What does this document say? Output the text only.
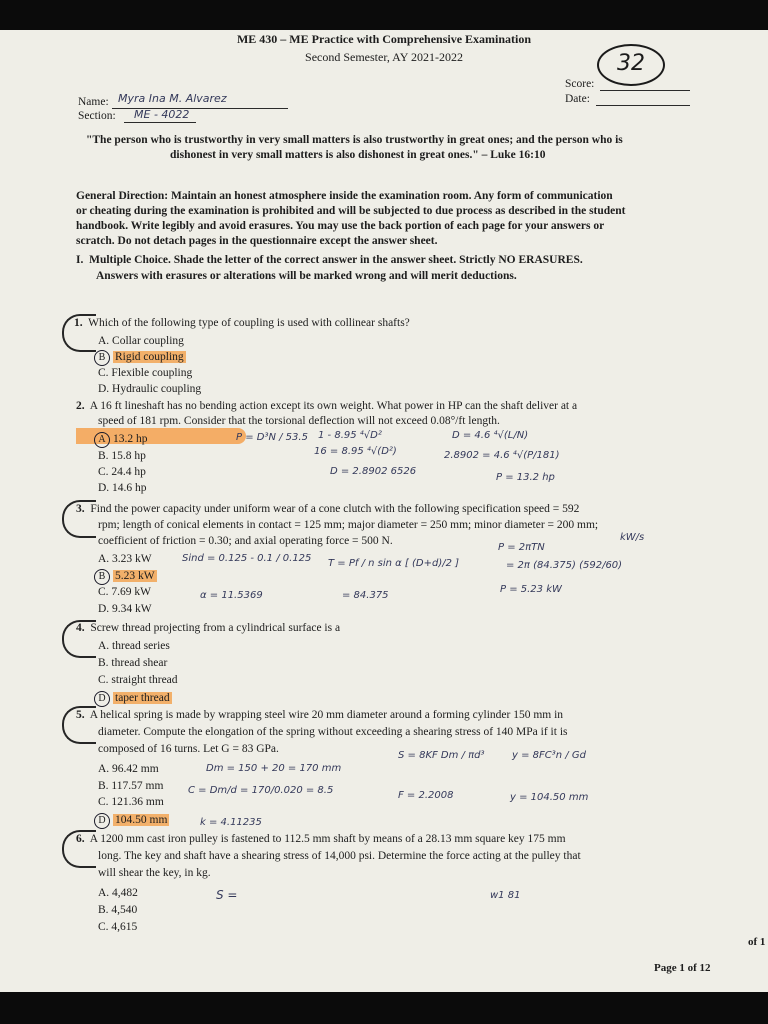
ME 430 – ME Practice with Comprehensive Examination
Second Semester, AY 2021-2022	32
Score:
Date:
Name: Myra Ina M. Alvarez
Section: ME - 4022
"The person who is trustworthy in very small matters is also trustworthy in great ones; and the person who is
dishonest in very small matters is also dishonest in great ones." – Luke 16:10
General Direction: Maintain an honest atmosphere inside the examination room. Any form of communication
or cheating during the examination is prohibited and will be subjected to due process as described in the student
handbook. Write legibly and avoid erasures. You may use the back portion of each page for your answers or
scratch. Do not detach pages in the questionnaire except the answer sheet.
I. Multiple Choice. Shade the letter of the correct answer in the answer sheet. Strictly NO ERASURES.
Answers with erasures or alterations will be marked wrong and will merit deductions.
1. Which of the following type of coupling is used with collinear shafts?
A. Collar coupling
B Rigid coupling
C. Flexible coupling
D. Hydraulic coupling
2. A 16 ft lineshaft has no bending action except its own weight. What power in HP can the shaft deliver at a
speed of 181 rpm. Consider that the torsional deflection will not exceed 0.08°/ft length.
A 13.2 hp
B. 15.8 hp
C. 24.4 hp
D. 14.6 hp
P = D³N / 53.5 1 - 8.95 ⁴√D²
16 = 8.95 ⁴√(D²)
D = 2.8902 6526
D = 4.6 ⁴√(L/N)
2.8902 = 4.6 ⁴√(P/181)
P = 13.2 hp
3. Find the power capacity under uniform wear of a cone clutch with the following specification speed = 592
rpm; length of conical elements in contact = 125 mm; major diameter = 250 mm; minor diameter = 200 mm;
coefficient of friction = 0.30; and axial operating force = 500 N.
A. 3.23 kW
B 5.23 kW
C. 7.69 kW
D. 9.34 kW
Sind = 0.125 - 0.1 / 0.125
α = 11.5369
T = Pf / n sin α [ (D+d)/2 ]
= 84.375
P = 2πTN
= 2π (84.375) (592/60)
P = 5.23 kW
kW/s
4. Screw thread projecting from a cylindrical surface is a
A. thread series
B. thread shear
C. straight thread
D taper thread
5. A helical spring is made by wrapping steel wire 20 mm diameter around a forming cylinder 150 mm in
diameter. Compute the elongation of the spring without exceeding a shearing stress of 140 MPa if it is
composed of 16 turns. Let G = 83 GPa.
A. 96.42 mm
B. 117.57 mm
C. 121.36 mm
D 104.50 mm
Dm = 150 + 20 = 170 mm
C = Dm/d = 170/0.020 = 8.5
k = 4.11235
S = 8KF Dm / πd³
F = 2.2008
y = 8FC³n / Gd
y = 104.50 mm
6. A 1200 mm cast iron pulley is fastened to 112.5 mm shaft by means of a 28.13 mm square key 175 mm
long. The key and shaft have a shearing stress of 14,000 psi. Determine the force acting at the pulley that
will shear the key, in kg.
A. 4,482
B. 4,540
C. 4,615
S =	w1 81
Page 1 of 12
of 1
